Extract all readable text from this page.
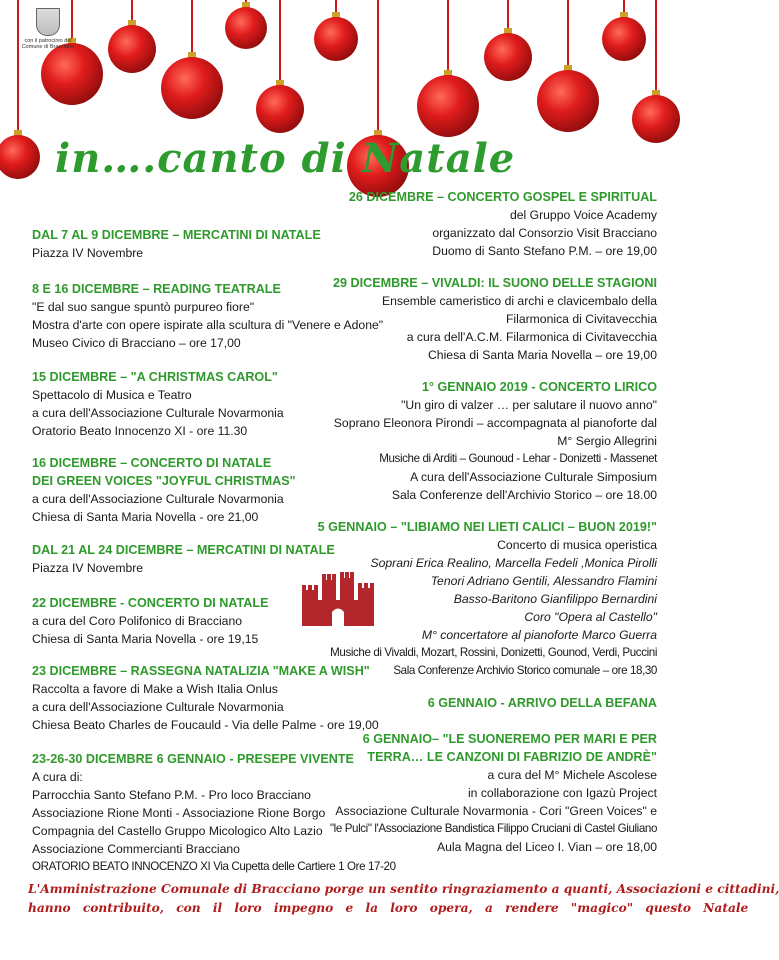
con il patrocinio del
Comune di Bracciano
in….canto di Natale
DAL 7 AL 9 DICEMBRE – MERCATINI DI NATALE
Piazza IV Novembre
8 E 16 DICEMBRE – READING TEATRALE
"E dal suo sangue spuntò purpureo fiore"
Mostra d'arte con opere ispirate alla scultura di "Venere e Adone"
Museo Civico di Bracciano – ore 17,00
15 DICEMBRE – "A CHRISTMAS CAROL"
Spettacolo di Musica e Teatro
a cura dell'Associazione Culturale Novarmonia
Oratorio Beato Innocenzo XI - ore 11.30
16 DICEMBRE – CONCERTO DI NATALE
DEI GREEN VOICES "JOYFUL CHRISTMAS"
a cura dell'Associazione Culturale Novarmonia
Chiesa di Santa Maria Novella - ore 21,00
DAL 21 AL 24 DICEMBRE – MERCATINI DI NATALE
Piazza IV Novembre
22 DICEMBRE - CONCERTO DI NATALE
a cura del Coro Polifonico di Bracciano
Chiesa di Santa Maria Novella - ore 19,15
23 DICEMBRE – RASSEGNA NATALIZIA "MAKE A WISH"
Raccolta a favore di Make a Wish Italia Onlus
a cura dell'Associazione Culturale Novarmonia
Chiesa Beato Charles de Foucauld - Via delle Palme - ore 19,00
23-26-30 DICEMBRE 6 GENNAIO - PRESEPE VIVENTE
A cura di:
Parrocchia Santo Stefano P.M. - Pro loco Bracciano
Associazione Rione Monti - Associazione Rione Borgo
Compagnia del Castello Gruppo Micologico Alto Lazio
Associazione Commercianti Bracciano
ORATORIO BEATO INNOCENZO XI Via Cupetta delle Cartiere 1 Ore 17-20
26 DICEMBRE – CONCERTO GOSPEL E SPIRITUAL
del Gruppo Voice Academy
organizzato dal Consorzio Visit Bracciano
Duomo di Santo Stefano P.M. – ore 19,00
29 DICEMBRE – VIVALDI: IL SUONO DELLE STAGIONI
Ensemble cameristico di archi e clavicembalo della
Filarmonica di Civitavecchia
a cura dell'A.C.M. Filarmonica di Civitavecchia
Chiesa di Santa Maria Novella – ore 19,00
1° GENNAIO 2019 - CONCERTO LIRICO
"Un giro di valzer … per salutare il nuovo anno"
Soprano Eleonora Pirondi – accompagnata al pianoforte dal
M° Sergio Allegrini
Musiche di Arditi – Gounoud - Lehar - Donizetti - Massenet
A cura dell'Associazione Culturale Simposium
Sala Conferenze dell'Archivio Storico – ore 18.00
5 GENNAIO – "LIBIAMO NEI LIETI CALICI – BUON 2019!"
Concerto di musica operistica
Soprani Erica Realino, Marcella Fedeli ,Monica Pirolli
Tenori Adriano Gentili, Alessandro Flamini
Basso-Baritono Gianfilippo Bernardini
Coro "Opera al Castello"
M° concertatore al pianoforte Marco Guerra
Musiche di Vivaldi, Mozart, Rossini, Donizetti, Gounod, Verdi, Puccini
Sala Conferenze Archivio Storico comunale – ore 18,30
6 GENNAIO - ARRIVO DELLA BEFANA
6 GENNAIO– "LE SUONEREMO PER MARI E PER
TERRA… LE CANZONI DI FABRIZIO DE ANDRÈ"
a cura del M° Michele Ascolese
in collaborazione con Igazù Project
Associazione Culturale Novarmonia - Cori "Green Voices" e
"le Pulci" l'Associazione Bandistica Filippo Cruciani di Castel Giuliano
Aula Magna del Liceo I. Vian – ore 18,00
L'Amministrazione Comunale di Bracciano porge un sentito ringraziamento a quanti, Associazioni e cittadini,
hanno contribuito, con il loro impegno e la loro opera, a rendere "magico" questo Natale
